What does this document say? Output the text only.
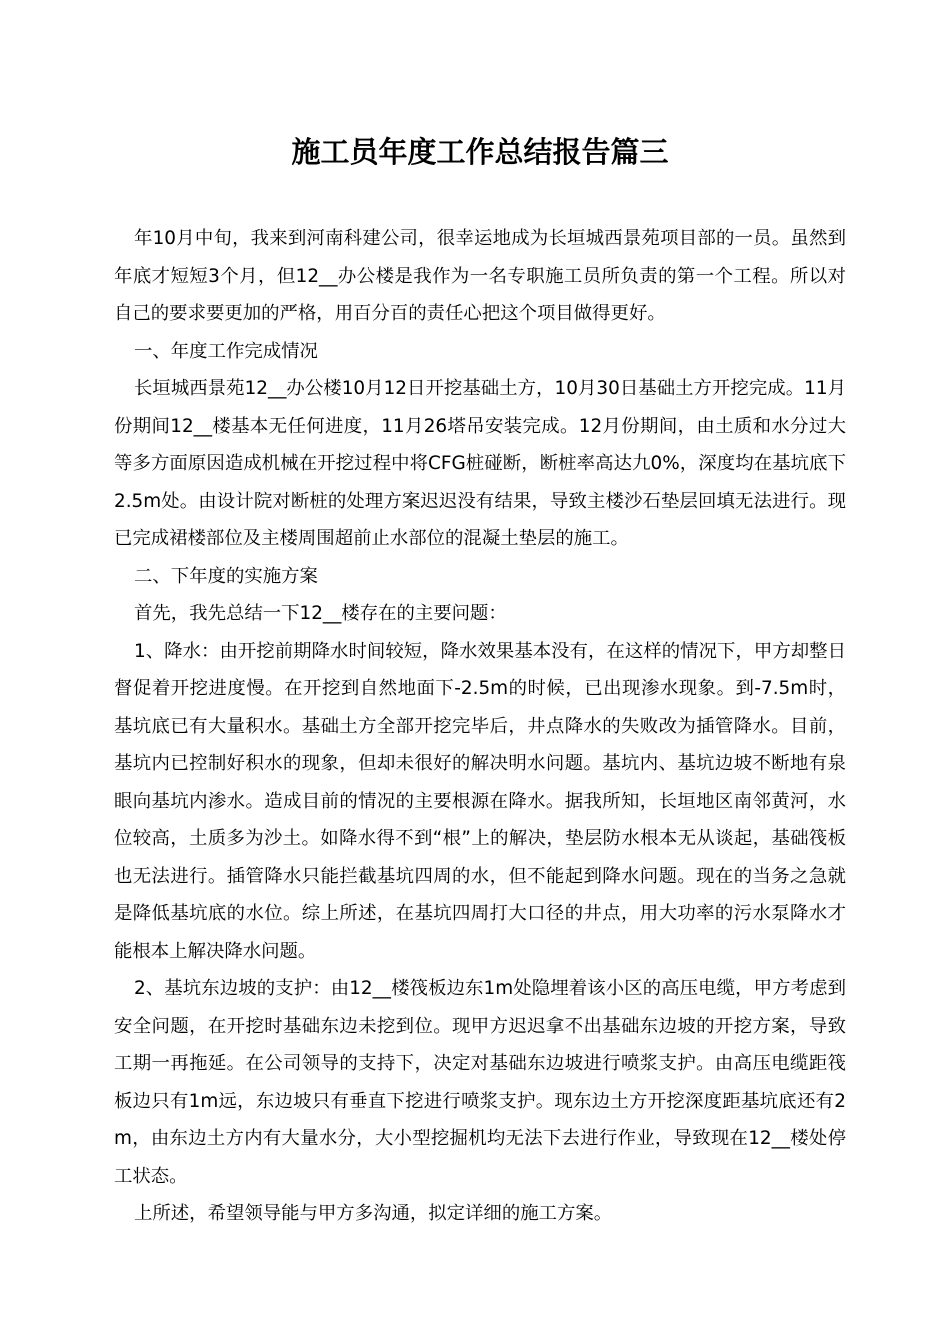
施工员年度工作总结报告篇三

年10月中旬，我来到河南科建公司，很幸运地成为长垣城西景苑项目部的一员。虽然到年底才短短3个月，但12__办公楼是我作为一名专职施工员所负责的第一个工程。所以对自己的要求要更加的严格，用百分百的责任心把这个项目做得更好。

一、年度工作完成情况

长垣城西景苑12__办公楼10月12日开挖基础土方，10月30日基础土方开挖完成。11月份期间12__楼基本无任何进度，11月26塔吊安装完成。12月份期间，由土质和水分过大等多方面原因造成机械在开挖过程中将CFG桩碰断，断桩率高达九0%，深度均在基坑底下2.5m处。由设计院对断桩的处理方案迟迟没有结果，导致主楼沙石垫层回填无法进行。现已完成裙楼部位及主楼周围超前止水部位的混凝土垫层的施工。

二、下年度的实施方案

首先，我先总结一下12__楼存在的主要问题：

1、降水：由开挖前期降水时间较短，降水效果基本没有，在这样的情况下，甲方却整日督促着开挖进度慢。在开挖到自然地面下-2.5m的时候，已出现渗水现象。到-7.5m时，基坑底已有大量积水。基础土方全部开挖完毕后，井点降水的失败改为插管降水。目前，基坑内已控制好积水的现象，但却未很好的解决明水问题。基坑内、基坑边坡不断地有泉眼向基坑内渗水。造成目前的情况的主要根源在降水。据我所知，长垣地区南邻黄河，水位较高，土质多为沙土。如降水得不到“根”上的解决，垫层防水根本无从谈起，基础筏板也无法进行。插管降水只能拦截基坑四周的水，但不能起到降水问题。现在的当务之急就是降低基坑底的水位。综上所述，在基坑四周打大口径的井点，用大功率的污水泵降水才能根本上解决降水问题。

2、基坑东边坡的支护：由12__楼筏板边东1m处隐埋着该小区的高压电缆，甲方考虑到安全问题，在开挖时基础东边未挖到位。现甲方迟迟拿不出基础东边坡的开挖方案，导致工期一再拖延。在公司领导的支持下，决定对基础东边坡进行喷浆支护。由高压电缆距筏板边只有1m远，东边坡只有垂直下挖进行喷浆支护。现东边土方开挖深度距基坑底还有2m，由东边土方内有大量水分，大小型挖掘机均无法下去进行作业，导致现在12__楼处停工状态。

上所述，希望领导能与甲方多沟通，拟定详细的施工方案。
